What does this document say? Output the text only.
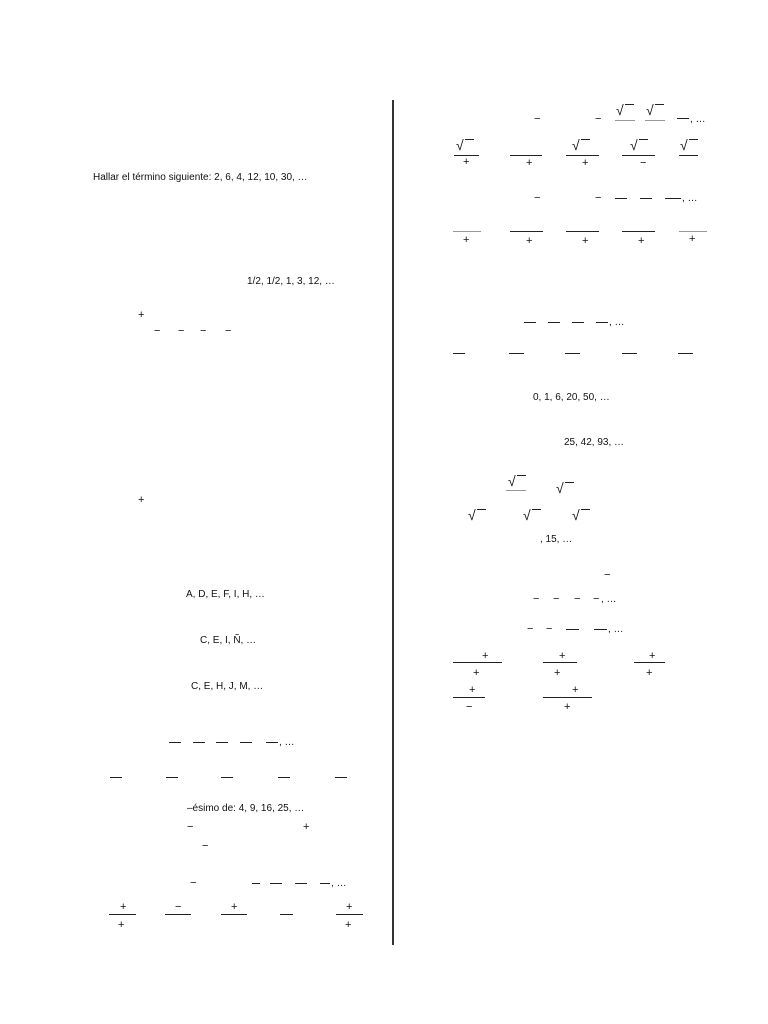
Hallar el término siguiente: 2, 6, 4, 12, 10, 30, …
1/2, 1/2, 1, 3, 12, …
+
− − − −
+
A, D, E, F, I, H, …
C, E, I, Ñ, …
C, E, H, J, M, …
, …
–ésimo de: 4, 9, 16, 25, …
−	+
−
−	, …
+
+
−	+	+
+
−	−
√ √
, …
√
+	+
√
+
√
−
√
−	−	, …
+	+	+	+	+
, …
0, 1, 6, 20, 50, …
25, 42, 93, …
√	√
√	√	√
, 15, …
−
− − − − , …
− −	, …
+
+
+
+
+
+
+
−
+
+
